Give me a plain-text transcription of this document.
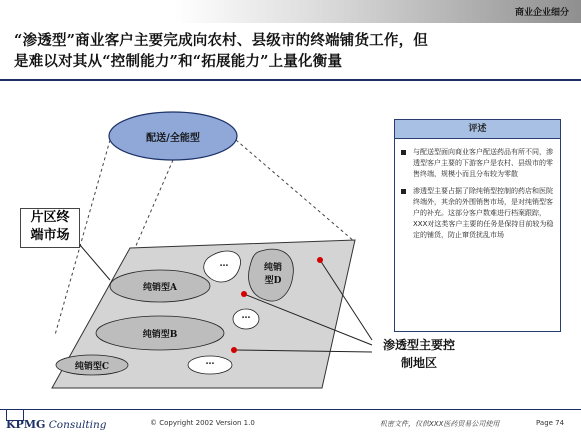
商业企业细分
“渗透型”商业客户主要完成向农村、县级市的终端铺货工作，但
是难以对其从“控制能力”和“拓展能力”上量化衡量
配送/全能型
片区终
端市场
纯销型A
纯销型B
纯销型C
纯销
型D
…
…
…
渗透型主要控
制地区
评述
与配送型面向商业客户配送药品有所不同，渗透型客户主要的下游客户是农村、县级市的零售终端，规模小而且分布较为零散
渗透型主要占据了除纯销型控制的药店和医院终端外，其余的外围销售市场，是对纯销型客户的补充。这部分客户数难进行档案跟踪，XXX对这类客户主要的任务是保持目前较为稳定的铺货，防止窜货扰乱市场
KPMG Consulting	© Copyright 2002 Version 1.0	机密文件，仅供XXX医药贸易公司使用	Page 74
